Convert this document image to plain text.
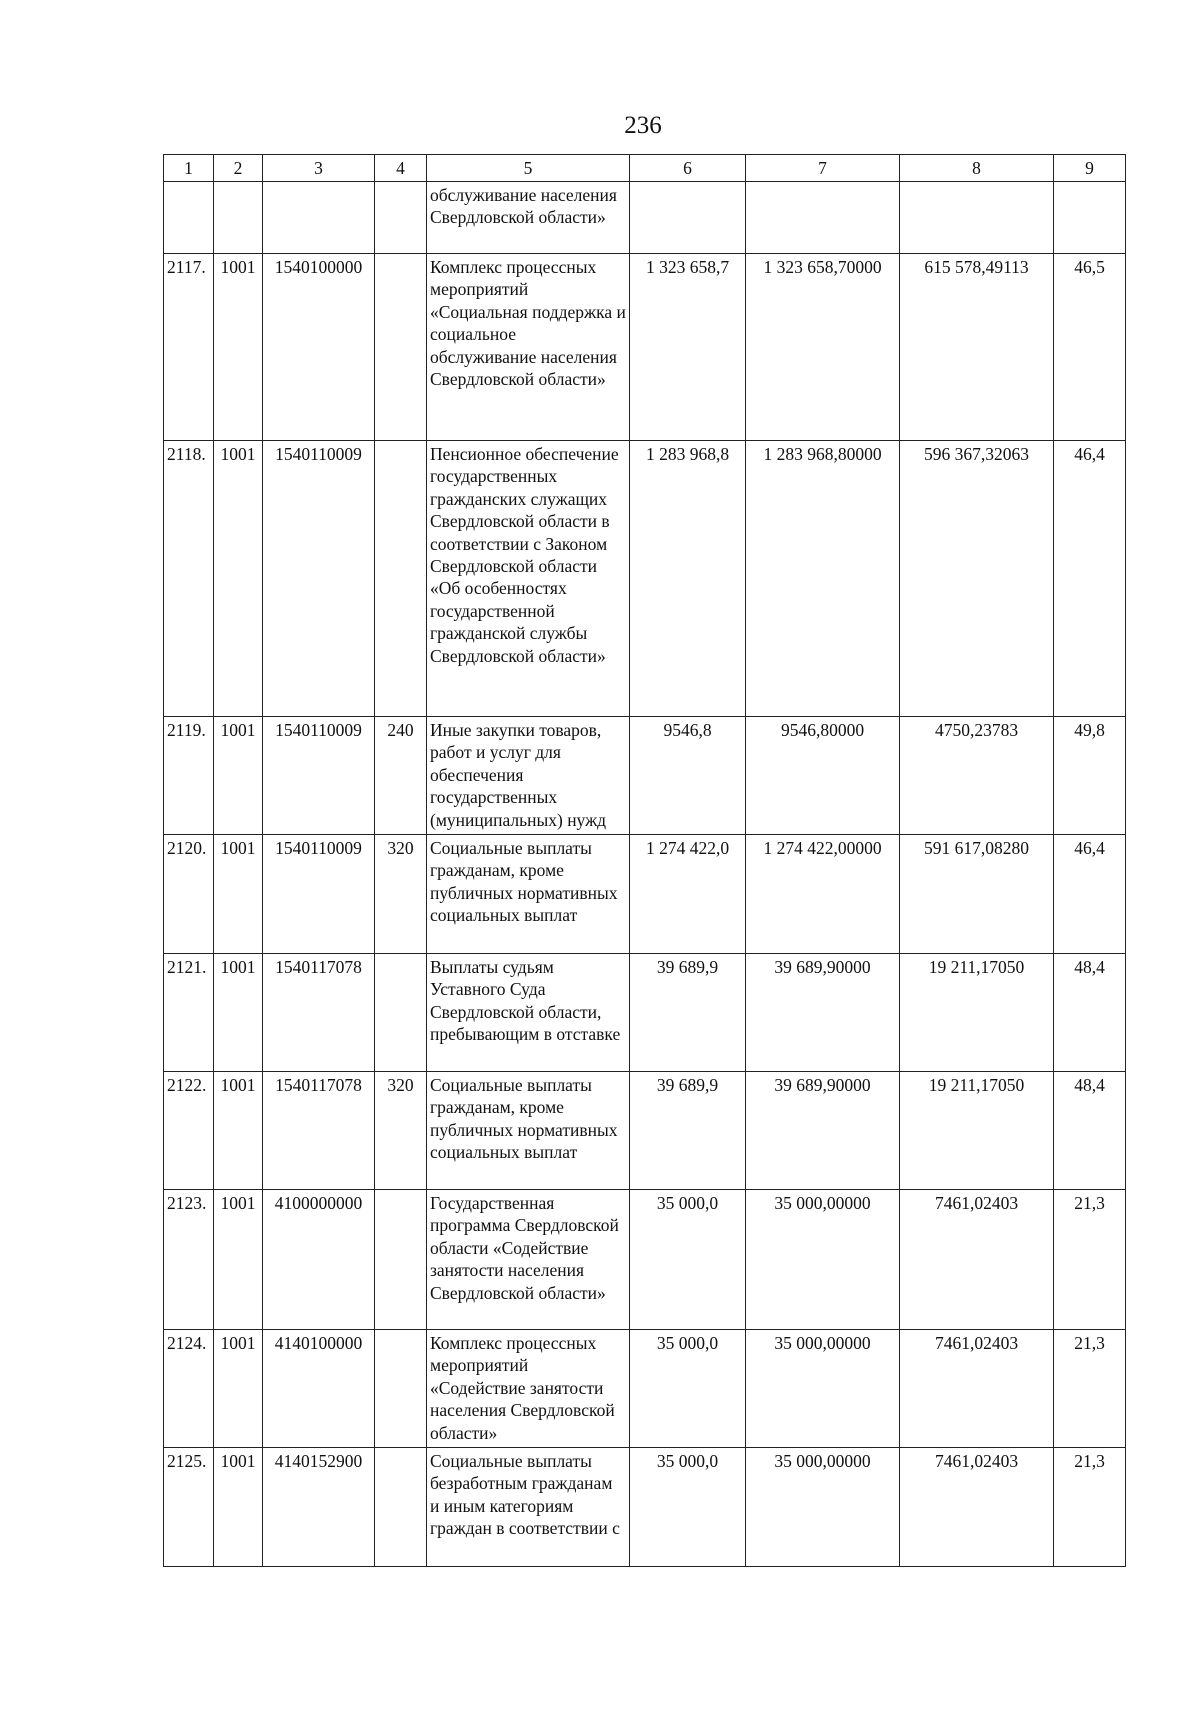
236
1	2	3	4	5	6	7	8	9
				обслуживание населения Свердловской области»				
2117.	1001	1540100000		Комплекс процессных мероприятий «Социальная поддержка и социальное обслуживание населения Свердловской области»	1 323 658,7	1 323 658,70000	615 578,49113	46,5
2118.	1001	1540110009		Пенсионное обеспечение государственных гражданских служащих Свердловской области в соответствии с Законом Свердловской области «Об особенностях государственной гражданской службы Свердловской области»	1 283 968,8	1 283 968,80000	596 367,32063	46,4
2119.	1001	1540110009	240	Иные закупки товаров, работ и услуг для обеспечения государственных (муниципальных) нужд	9546,8	9546,80000	4750,23783	49,8
2120.	1001	1540110009	320	Социальные выплаты гражданам, кроме публичных нормативных социальных выплат	1 274 422,0	1 274 422,00000	591 617,08280	46,4
2121.	1001	1540117078		Выплаты судьям Уставного Суда Свердловской области, пребывающим в отставке	39 689,9	39 689,90000	19 211,17050	48,4
2122.	1001	1540117078	320	Социальные выплаты гражданам, кроме публичных нормативных социальных выплат	39 689,9	39 689,90000	19 211,17050	48,4
2123.	1001	4100000000		Государственная программа Свердловской области «Содействие занятости населения Свердловской области»	35 000,0	35 000,00000	7461,02403	21,3
2124.	1001	4140100000		Комплекс процессных мероприятий «Содействие занятости населения Свердловской области»	35 000,0	35 000,00000	7461,02403	21,3
2125.	1001	4140152900		Социальные выплаты безработным гражданам и иным категориям граждан в соответствии с	35 000,0	35 000,00000	7461,02403	21,3
